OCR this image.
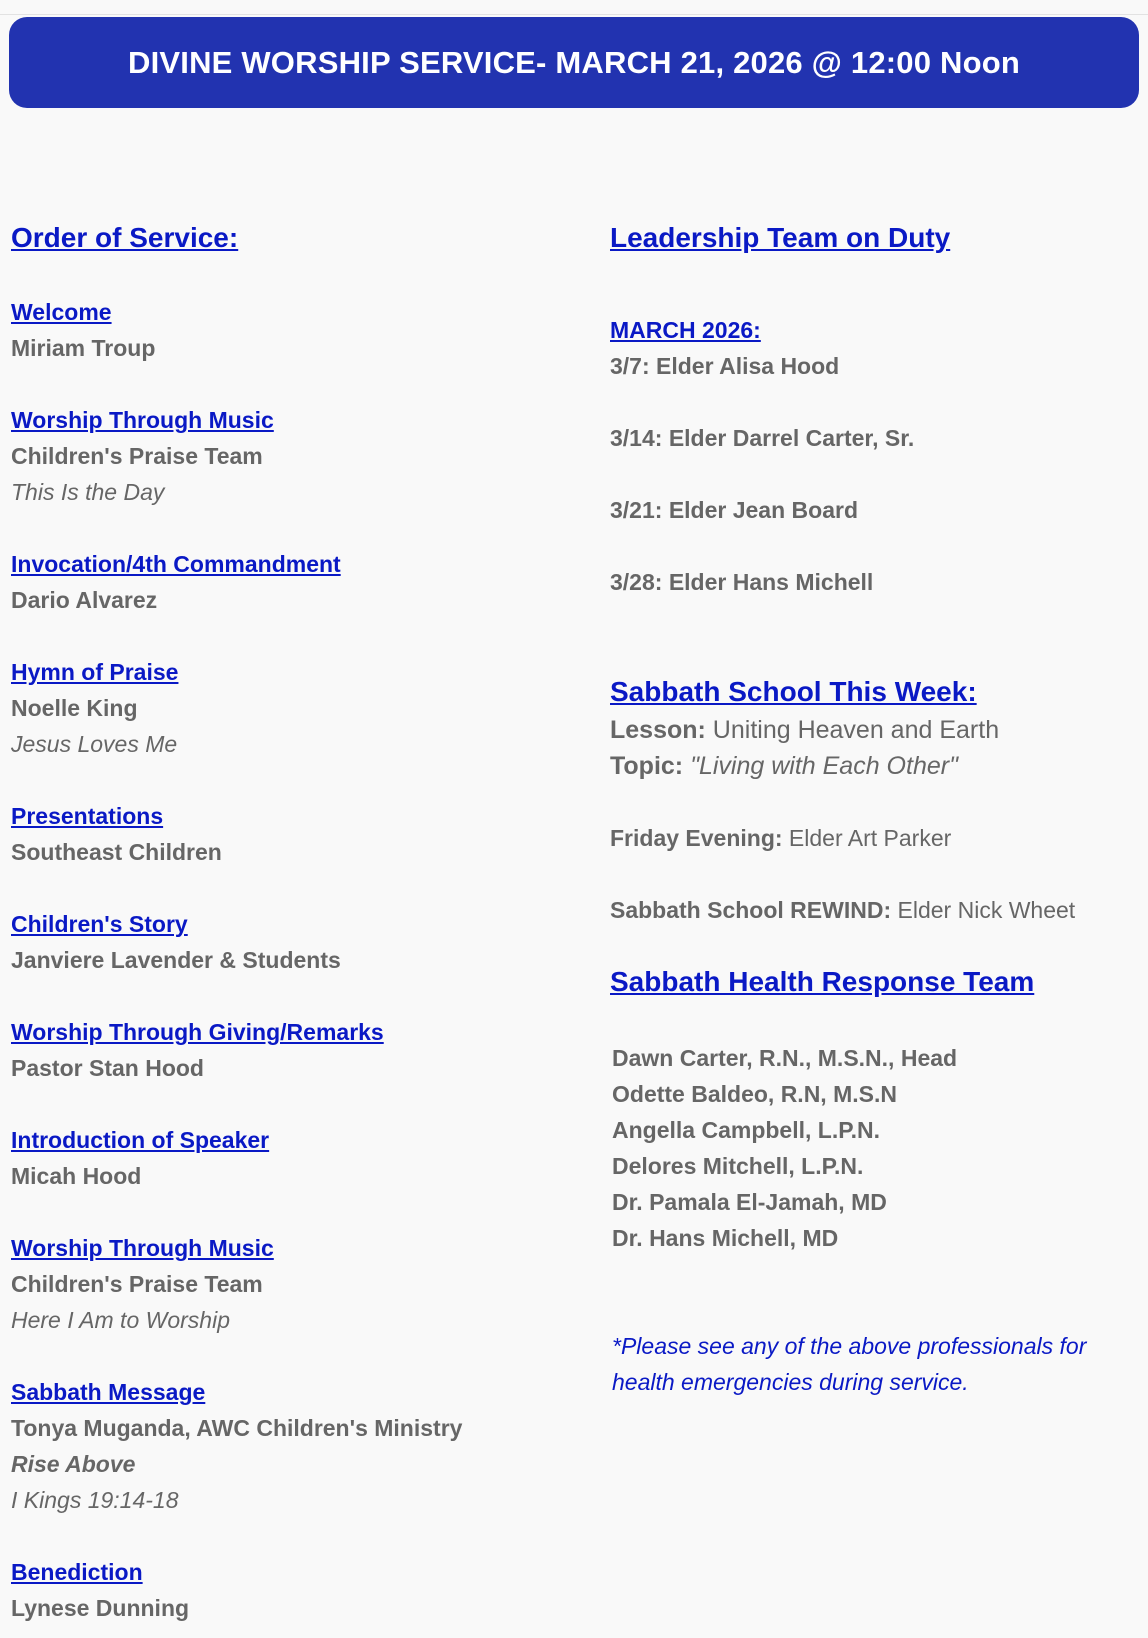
DIVINE WORSHIP SERVICE- MARCH 21, 2026 @ 12:00 Noon
Order of Service:
Welcome
Miriam Troup
Worship Through Music
Children's Praise Team
This Is the Day
Invocation/4th Commandment
Dario Alvarez
Hymn of Praise
Noelle King
Jesus Loves Me
Presentations
Southeast Children
Children's Story
Janviere Lavender & Students
Worship Through Giving/Remarks
Pastor Stan Hood
Introduction of Speaker
Micah Hood
Worship Through Music
Children's Praise Team
Here I Am to Worship
Sabbath Message
Tonya Muganda, AWC Children's Ministry
Rise Above
I Kings 19:14-18
Benediction
Lynese Dunning
Leadership Team on Duty
MARCH 2026:
3/7: Elder Alisa Hood
3/14: Elder Darrel Carter, Sr.
3/21: Elder Jean Board
3/28: Elder Hans Michell
Sabbath School This Week:
Lesson: Uniting Heaven and Earth
Topic: "Living with Each Other"
Friday Evening: Elder Art Parker
Sabbath School REWIND: Elder Nick Wheet
Sabbath Health Response Team
Dawn Carter, R.N., M.S.N., Head
Odette Baldeo, R.N, M.S.N
Angella Campbell, L.P.N.
Delores Mitchell, L.P.N.
Dr. Pamala El-Jamah, MD
Dr. Hans Michell, MD
*Please see any of the above professionals for
health emergencies during service.
